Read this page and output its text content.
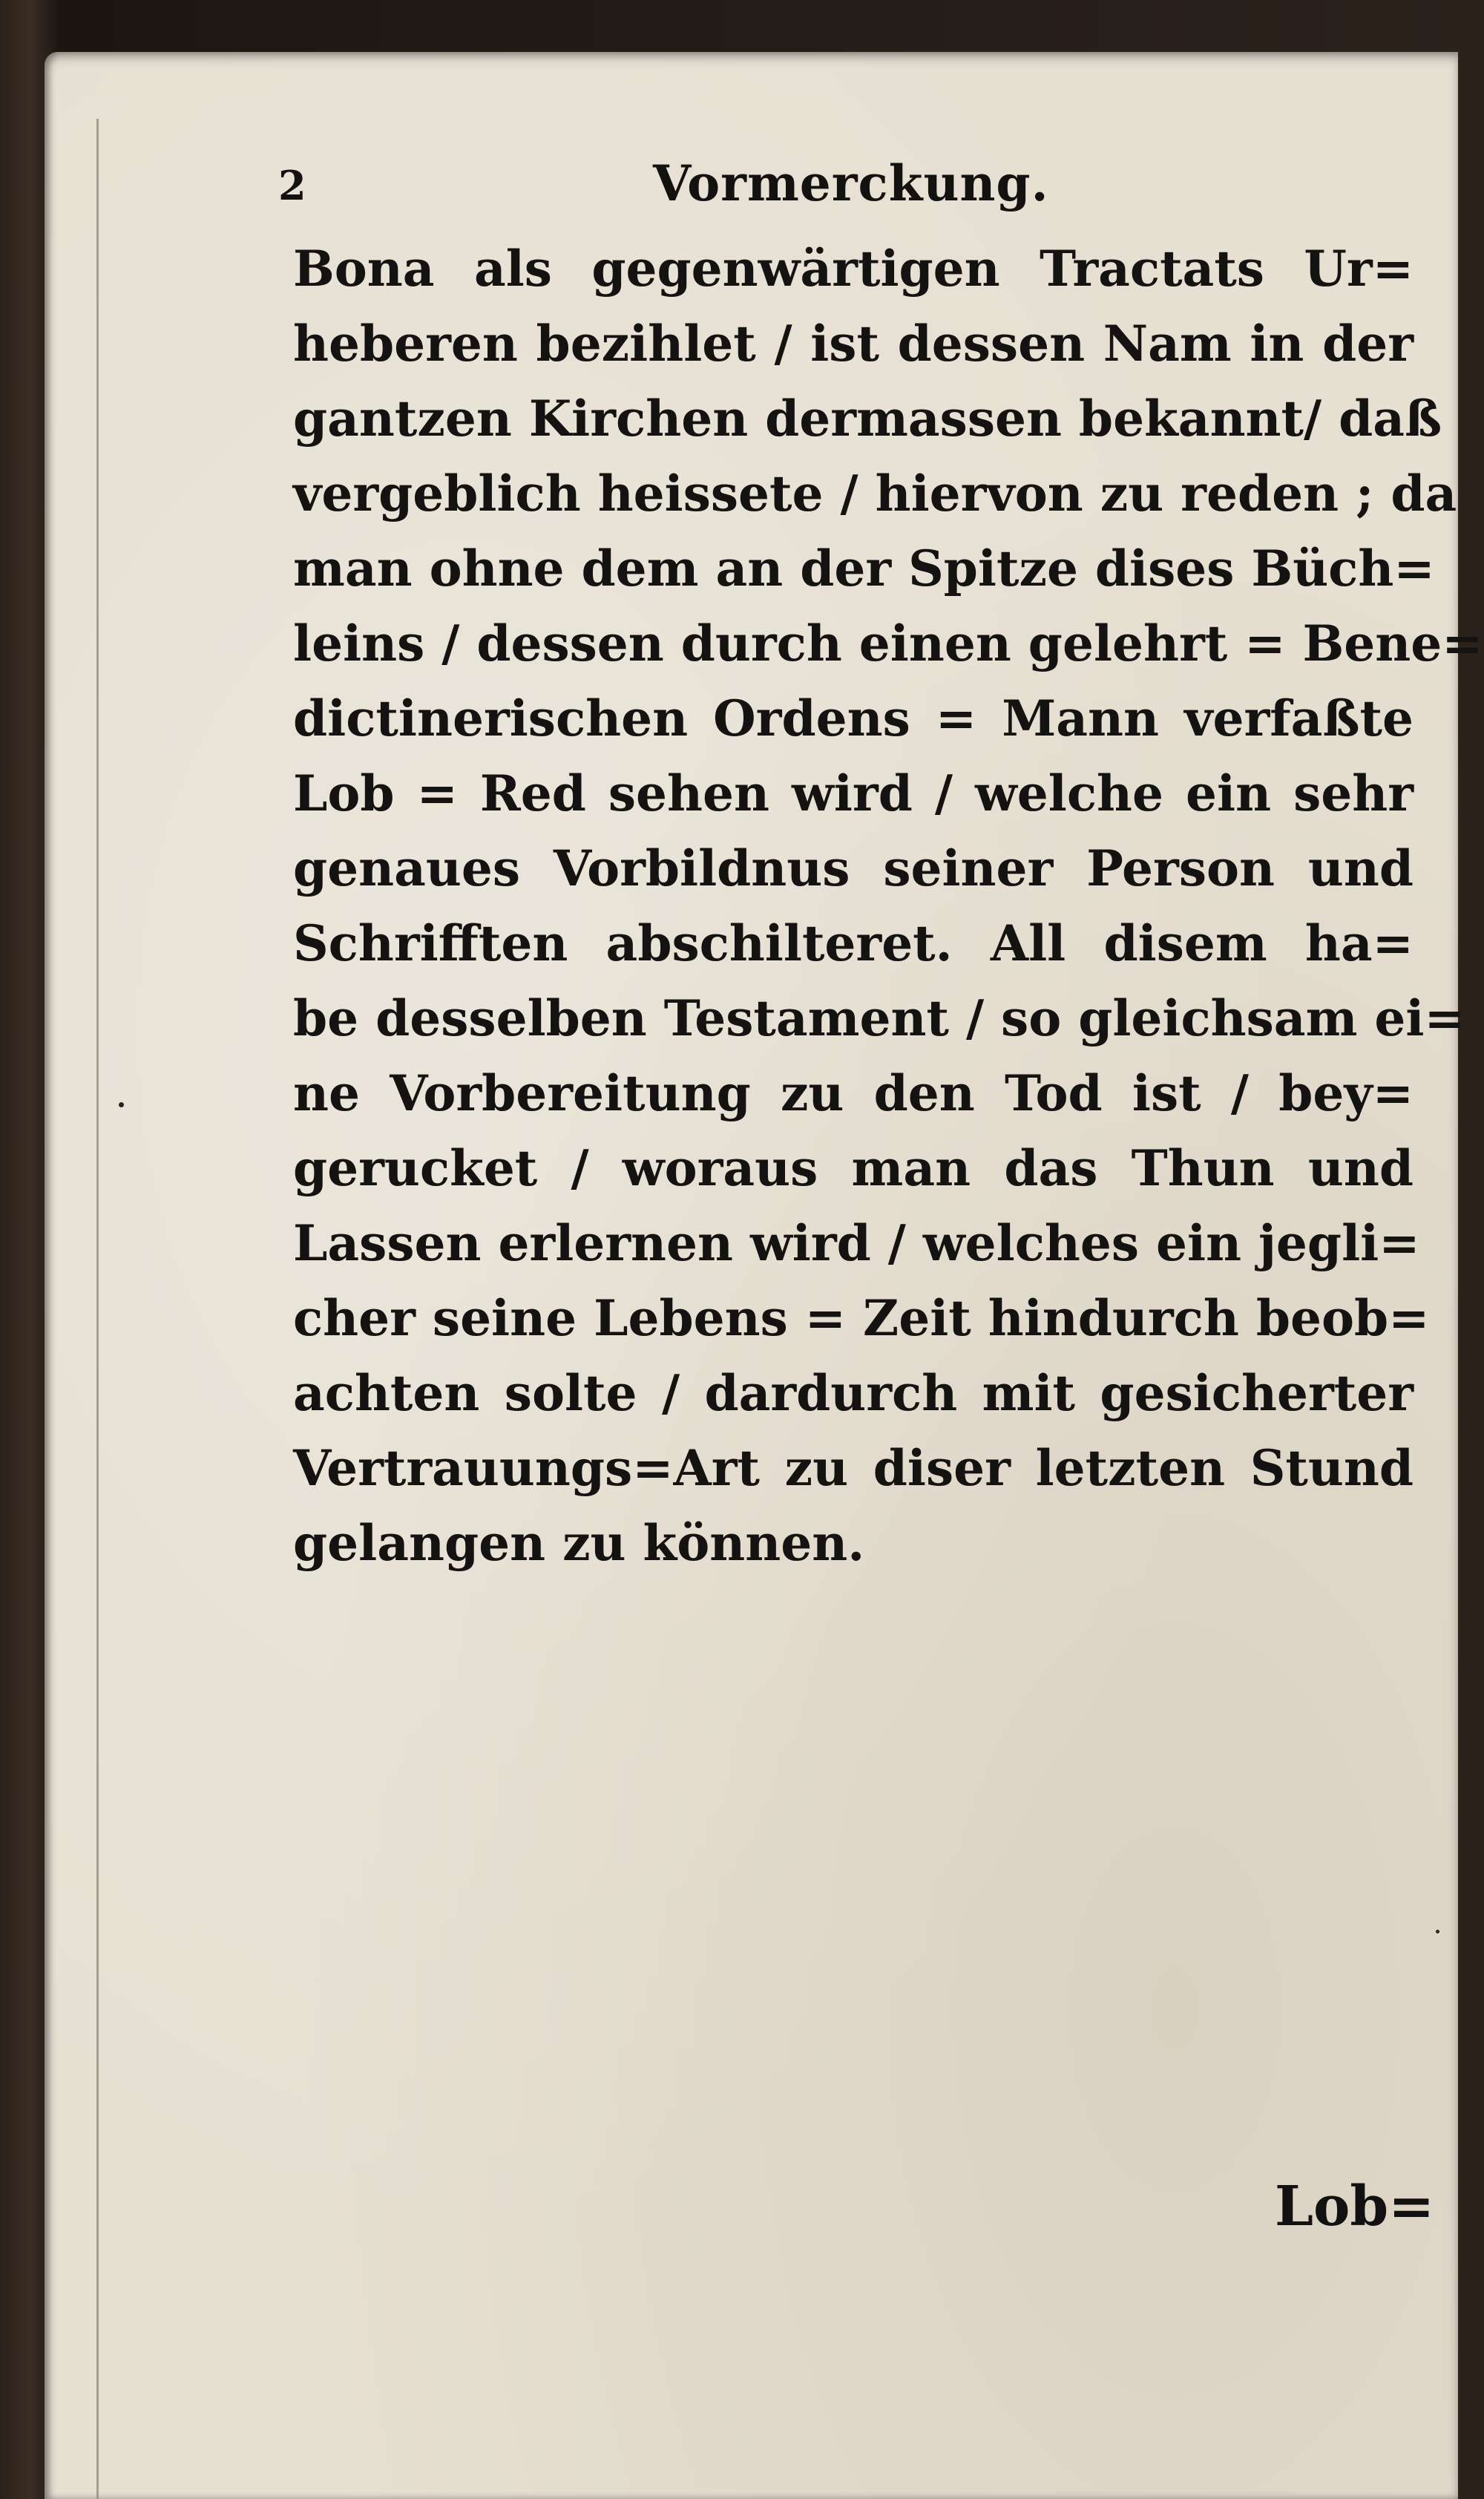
2	Vormerckung.
Bona als gegenwärtigen Tractats Ur=
heberen bezihlet / ist dessen Nam in der
gantzen Kirchen dermassen bekannt/ daß
vergeblich heissete / hiervon zu reden ; da
man ohne dem an der Spitze dises Büch=
leins / dessen durch einen gelehrt = Bene=
dictinerischen Ordens = Mann verfaßte
Lob = Red sehen wird / welche ein sehr
genaues Vorbildnus seiner Person und
Schrifften abschilteret. All disem ha=
be desselben Testament / so gleichsam ei=
ne Vorbereitung zu den Tod ist / bey=
gerucket / woraus man das Thun und
Lassen erlernen wird / welches ein jegli=
cher seine Lebens = Zeit hindurch beob=
achten solte / dardurch mit gesicherter
Vertrauungs=Art zu diser letzten Stund
gelangen zu können.
Lob=
